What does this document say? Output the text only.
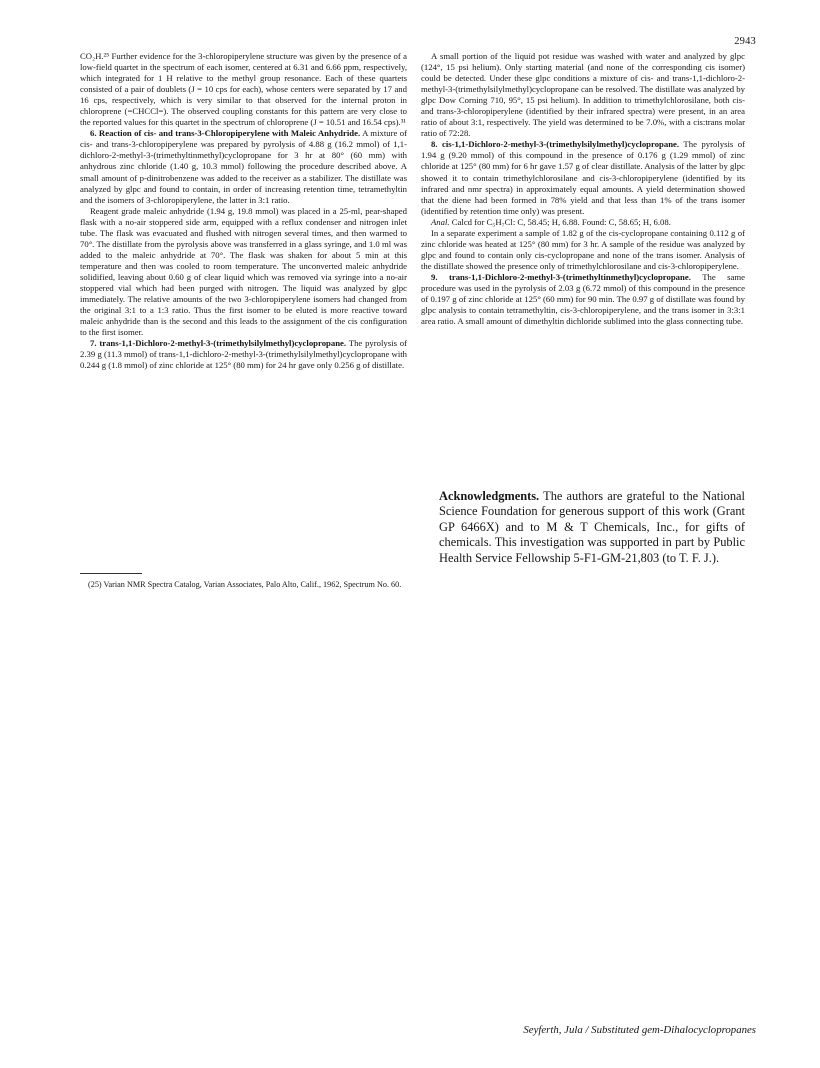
2943

CO₂H.²⁵ Further evidence for the 3-chloropiperylene structure was given by the presence of a low-field quartet in the spectrum of each isomer, centered at 6.31 and 6.66 ppm, respectively, which integrated for 1 H relative to the methyl group resonance. Each of these quartets consisted of a pair of doublets (J = 10 cps for each), whose centers were separated by 17 and 16 cps, respectively, which is very similar to that observed for the internal proton in chloroprene (=CHCCl=). The observed coupling constants for this pattern are very close to the reported values for this quartet in the spectrum of chloroprene (J = 10.51 and 16.54 cps).³¹

6. Reaction of cis- and trans-3-Chloropiperylene with Maleic Anhydride. A mixture of cis- and trans-3-chloropiperylene was prepared by pyrolysis of 4.88 g (16.2 mmol) of 1,1-dichloro-2-methyl-3-(trimethyltinmethyl)cyclopropane for 3 hr at 80° (60 mm) with anhydrous zinc chloride (1.40 g, 10.3 mmol) following the procedure described above. A small amount of p-dinitrobenzene was added to the receiver as a stabilizer. The distillate was analyzed by glpc and found to contain, in order of increasing retention time, tetramethyltin and the isomers of 3-chloropiperylene, the latter in 3:1 ratio.

Reagent grade maleic anhydride (1.94 g, 19.8 mmol) was placed in a 25-ml, pear-shaped flask with a no-air stoppered side arm, equipped with a reflux condenser and nitrogen inlet tube. The flask was evacuated and flushed with nitrogen several times, and then warmed to 70°. The distillate from the pyrolysis above was transferred in a glass syringe, and 1.0 ml was added to the maleic anhydride at 70°. The flask was shaken for about 5 min at this temperature and then was cooled to room temperature. The unconverted maleic anhydride solidified, leaving about 0.60 g of clear liquid which was removed via syringe into a no-air stoppered vial which had been purged with nitrogen. The liquid was analyzed by glpc immediately. The relative amounts of the two 3-chloropiperylene isomers had changed from the original 3:1 to a 1:3 ratio. Thus the first isomer to be eluted is more reactive toward maleic anhydride than is the second and this leads to the assignment of the cis configuration to the first isomer.

7. trans-1,1-Dichloro-2-methyl-3-(trimethylsilylmethyl)cyclopropane. The pyrolysis of 2.39 g (11.3 mmol) of trans-1,1-dichloro-2-methyl-3-(trimethylsilylmethyl)cyclopropane with 0.244 g (1.8 mmol) of zinc chloride at 125° (80 mm) for 24 hr gave only 0.256 g of distillate.

(25) Varian NMR Spectra Catalog, Varian Associates, Palo Alto, Calif., 1962, Spectrum No. 60.

A small portion of the liquid pot residue was washed with water and analyzed by glpc (124°, 15 psi helium). Only starting material (and none of the corresponding cis isomer) could be detected. Under these glpc conditions a mixture of cis- and trans-1,1-dichloro-2-methyl-3-(trimethylsilylmethyl)cyclopropane can be resolved. The distillate was analyzed by glpc Dow Corning 710, 95°, 15 psi helium). In addition to trimethylchlorosilane, both cis- and trans-3-chloropiperylene (identified by their infrared spectra) were present, in an area ratio of about 3:1, respectively. The yield was determined to be 7.0%, with a cis:trans molar ratio of 72:28.

8. cis-1,1-Dichloro-2-methyl-3-(trimethylsilylmethyl)cyclopropane. The pyrolysis of 1.94 g (9.20 mmol) of this compound in the presence of 0.176 g (1.29 mmol) of zinc chloride at 125° (80 mm) for 6 hr gave 1.57 g of clear distillate. Analysis of the latter by glpc showed it to contain trimethylchlorosilane and cis-3-chloropiperylene (identified by its infrared and nmr spectra) in approximately equal amounts. A yield determination showed that the diene had been formed in 78% yield and that less than 1% of the trans isomer (identified by retention time only) was present.

Anal. Calcd for C₅H₇Cl: C, 58.45; H, 6.88. Found: C, 58.65; H, 6.08.

In a separate experiment a sample of 1.82 g of the cis-cyclopropane containing 0.112 g of zinc chloride was heated at 125° (80 mm) for 3 hr. A sample of the residue was analyzed by glpc and found to contain only cis-cyclopropane and none of the trans isomer. Analysis of the distillate showed the presence only of trimethylchlorosilane and cis-3-chloropiperylene.

9. trans-1,1-Dichloro-2-methyl-3-(trimethyltinmethyl)cyclopropane. The same procedure was used in the pyrolysis of 2.03 g (6.72 mmol) of this compound in the presence of 0.197 g of zinc chloride at 125° (60 mm) for 90 min. The 0.97 g of distillate was found by glpc analysis to contain tetramethyltin, cis-3-chloropiperylene, and the trans isomer in 3:3:1 area ratio. A small amount of dimethyltin dichloride sublimed into the glass connecting tube.

Acknowledgments. The authors are grateful to the National Science Foundation for generous support of this work (Grant GP 6466X) and to M & T Chemicals, Inc., for gifts of chemicals. This investigation was supported in part by Public Health Service Fellowship 5-F1-GM-21,803 (to T. F. J.).

Seyferth, Jula / Substituted gem-Dihalocyclopropanes
